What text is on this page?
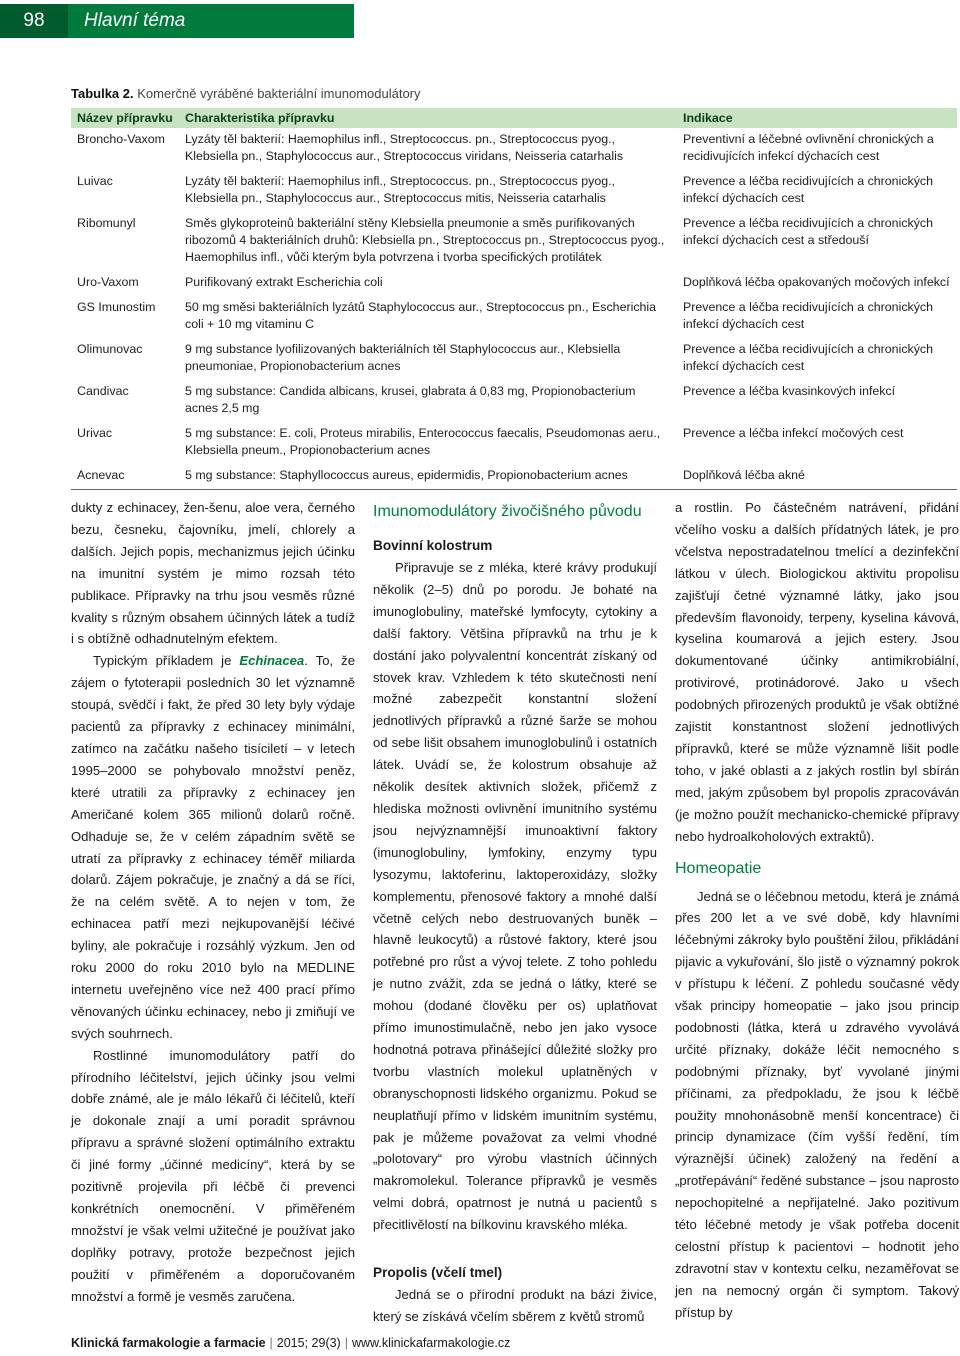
98	Hlavní téma
Tabulka 2. Komerčně vyráběné bakteriální imunomodulátory
Název přípravku	Charakteristika přípravku	Indikace
Broncho-Vaxom	Lyzáty těl bakterií: Haemophilus infl., Streptococcus. pn., Streptococcus pyog., Klebsiella pn., Staphylococcus aur., Streptococcus viridans, Neisseria catarhalis	Preventivní a léčebné ovlivnění chronických a recidivujících infekcí dýchacích cest
Luivac	Lyzáty těl bakterií: Haemophilus infl., Streptococcus. pn., Streptococcus pyog., Klebsiella pn., Staphylococcus aur., Streptococcus mitis, Neisseria catarhalis	Prevence a léčba recidivujících a chronických infekcí dýchacích cest
Ribomunyl	Směs glykoproteinů bakteriální stěny Klebsiella pneumonie a směs purifikovaných ribozomů 4 bakteriálních druhů: Klebsiella pn., Streptococcus pn., Streptococcus pyog., Haemophilus infl., vůči kterým byla potvrzena i tvorba specifických protilátek	Prevence a léčba recidivujících a chronických infekcí dýchacích cest a středouší
Uro-Vaxom	Purifikovaný extrakt Escherichia coli	Doplňková léčba opakovaných močových infekcí
GS Imunostim	50 mg směsi bakteriálních lyzátů Staphylococcus aur., Streptococcus pn., Escherichia coli + 10 mg vitaminu C	Prevence a léčba recidivujících a chronických infekcí dýchacích cest
Olimunovac	9 mg substance lyofilizovaných bakteriálních těl Staphylococcus aur., Klebsiella pneumoniae, Propionobacterium acnes	Prevence a léčba recidivujících a chronických infekcí dýchacích cest
Candivac	5 mg substance: Candida albicans, krusei, glabrata á 0,83 mg, Propionobacterium acnes 2,5 mg	Prevence a léčba kvasinkových infekcí
Urivac	5 mg substance: E. coli, Proteus mirabilis, Enterococcus faecalis, Pseudomonas aeru., Klebsiella pneum., Propionobacterium acnes	Prevence a léčba infekcí močových cest
Acnevac	5 mg substance: Staphyllococcus aureus, epidermidis, Propionobacterium acnes	Doplňková léčba akné

dukty z echinacey, žen-šenu, aloe vera, černého bezu, česneku, čajovníku, jmelí, chlorely a dalších. Jejich popis, mechanizmus jejich účinku na imunitní systém je mimo rozsah této publikace. Přípravky na trhu jsou vesměs různé kvality s různým obsahem účinných látek a tudíž i s obtížně odhadnutelným efektem.

Typickým příkladem je Echinacea. To, že zájem o fytoterapii posledních 30 let významně stoupá, svědčí i fakt, že před 30 lety byly výdaje pacientů za přípravky z echinacey minimální, zatímco na začátku našeho tisíciletí – v letech 1995–2000 se pohybovalo množství peněz, které utratili za přípravky z echinacey jen Američané kolem 365 milionů dolarů ročně. Odhaduje se, že v celém západním světě se utratí za přípravky z echinacey téměř miliarda dolarů. Zájem pokračuje, je značný a dá se říci, že na celém světě. A to nejen v tom, že echinacea patří mezi nejkupovanější léčivé byliny, ale pokračuje i rozsáhlý výzkum. Jen od roku 2000 do roku 2010 bylo na MEDLINE internetu uveřejněno více než 400 prací přímo věnovaných účinku echinacey, nebo ji zmiňují ve svých souhrnech.

Rostlinné imunomodulátory patří do přírodního léčitelství, jejich účinky jsou velmi dobře známé, ale je málo lékařů či léčitelů, kteří je dokonale znají a umí poradit správnou přípravu a správné složení optimálního extraktu či jiné formy „účinné medicíny“, která by se pozitivně projevila při léčbě či prevenci konkrétních onemocnění. V přiměřeném množství je však velmi užitečné je používat jako doplňky potravy, protože bezpečnost jejich použití v přiměřeném a doporučovaném množství a formě je vesměs zaručena.

Imunomodulátory živočišného původu

Bovinní kolostrum

Připravuje se z mléka, které krávy produkují několik (2–5) dnů po porodu. Je bohaté na imunoglobuliny, mateřské lymfocyty, cytokiny a další faktory. Většina přípravků na trhu je k dostání jako polyvalentní koncentrát získaný od stovek krav. Vzhledem k této skutečnosti není možné zabezpečit konstantní složení jednotlivých přípravků a různé šarže se mohou od sebe lišit obsahem imunoglobulinů i ostatních látek. Uvádí se, že kolostrum obsahuje až několik desítek aktivních složek, přičemž z hlediska možnosti ovlivnění imunitního systému jsou nejvýznamnější imunoaktivní faktory (imunoglobuliny, lymfokiny, enzymy typu lysozymu, laktoferinu, laktoperoxidázy, složky komplementu, přenosové faktory a mnohé další včetně celých nebo destruovaných buněk – hlavně leukocytů) a růstové faktory, které jsou potřebné pro růst a vývoj telete. Z toho pohledu je nutno zvážit, zda se jedná o látky, které se mohou (dodané člověku per os) uplatňovat přímo imunostimulačně, nebo jen jako vysoce hodnotná potrava přinášející důležité složky pro tvorbu vlastních molekul uplatněných v obranyschopnosti lidského organizmu. Pokud se neuplatňují přímo v lidském imunitním systému, pak je můžeme považovat za velmi vhodné „polotovary“ pro výrobu vlastních účinných makromolekul. Tolerance přípravků je vesměs velmi dobrá, opatrnost je nutná u pacientů s přecitlivělostí na bílkovinu kravského mléka.

Propolis (včelí tmel)

Jedná se o přírodní produkt na bázi živice, který se získává včelím sběrem z květů stromů

a rostlin. Po částečném natrávení, přidání včelího vosku a dalších přídatných látek, je pro včelstva nepostradatelnou tmelící a dezinfekční látkou v úlech. Biologickou aktivitu propolisu zajišťují četné významné látky, jako jsou především flavonoidy, terpeny, kyselina kávová, kyselina koumarová a jejich estery. Jsou dokumentované účinky antimikrobiální, protivirové, protinádorové. Jako u všech podobných přirozených produktů je však obtížné zajistit konstantnost složení jednotlivých přípravků, které se může významně lišit podle toho, v jaké oblasti a z jakých rostlin byl sbírán med, jakým způsobem byl propolis zpracováván (je možno použít mechanicko-chemické přípravy nebo hydroalkoholových extraktů).

Homeopatie

Jedná se o léčebnou metodu, která je známá přes 200 let a ve své době, kdy hlavními léčebnými zákroky bylo pouštění žilou, přikládání pijavic a vykuřování, šlo jistě o významný pokrok v přístupu k léčení. Z pohledu současné vědy však principy homeopatie – jako jsou princip podobnosti (látka, která u zdravého vyvolává určité příznaky, dokáže léčit nemocného s podobnými příznaky, byť vyvolané jinými příčinami, za předpokladu, že jsou k léčbě použity mnohonásobně menší koncentrace) či princip dynamizace (čím vyšší ředění, tím výraznější účinek) založený na ředění a „protřepávání“ ředěné substance – jsou naprosto nepochopitelné a nepřijatelné. Jako pozitivum této léčebné metody je však potřeba docenit celostní přístup k pacientovi – hodnotit jeho zdravotní stav v kontextu celku, nezaměřovat se jen na nemocný orgán či symptom. Takový přístup by

Klinická farmakologie a farmacie | 2015; 29(3) | www.klinickafarmakologie.cz
